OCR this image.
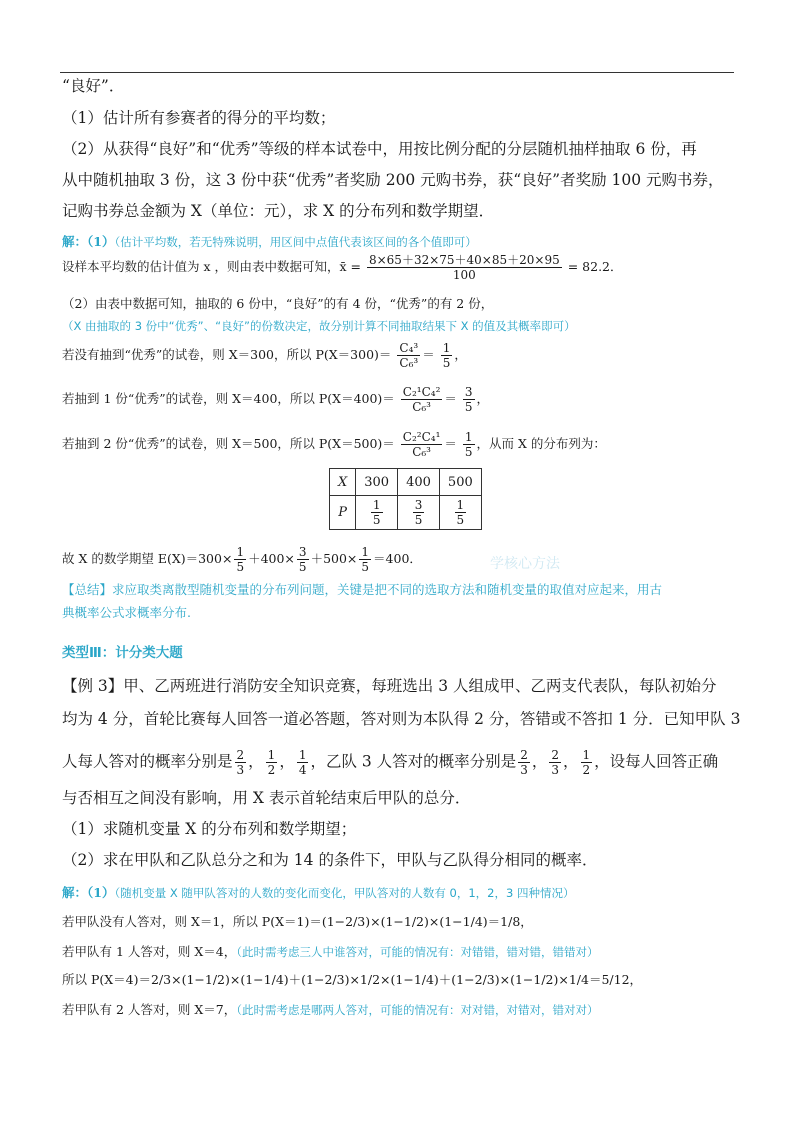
“良好”．
（1）估计所有参赛者的得分的平均数；
（2）从获得“良好”和“优秀”等级的样本试卷中，用按比例分配的分层随机抽样抽取 6 份，再
从中随机抽取 3 份，这 3 份中获“优秀”者奖励 200 元购书券，获“良好”者奖励 100 元购书券，
记购书券总金额为 X（单位：元），求 X 的分布列和数学期望．
解：（1）（估计平均数，若无特殊说明，用区间中点值代表该区间的各个值即可）
设样本平均数的估计值为 x ，则由表中数据可知，x̄ = $\frac{8\times 65+32\times 75+40\times 85+20\times 95}{100} = 82.2$．
（2）由表中数据可知，抽取的 6 份中，“良好”的有 4 份，“优秀”的有 2 份，
（X 由抽取的 3 份中“优秀”、“良好”的份数决定，故分别计算不同抽取结果下 X 的值及其概率即可）
若没有抽到“优秀”的试卷，则 X＝300，所以 $P(X=300)= \frac{\text{C₄³}}{\text{C₆³}} = \frac{1}{5}$ ，
若抽到 1 份“优秀”的试卷，则 X＝400，所以 $P(X=400)= \frac{\text{C₂¹C₄²}}{\text{C₆³}} = \frac{3}{5}$ ，
若抽到 2 份“优秀”的试卷，则 X＝500，所以 $P(X=500)= \frac{\text{C₂²C₄¹}}{\text{C₆³}} = \frac{1}{5}$ ，从而 X 的分布列为：
X	300	400	500
P	$\frac{1}{5}$	$\frac{3}{5}$	$\frac{1}{5}$
故 X 的数学期望 $E(X)=300\times \frac{1}{5} +400\times \frac{3}{5} +500\times \frac{1}{5} =400$．	学核心方法
【总结】求应取类离散型随机变量的分布列问题，关键是把不同的选取方法和随机变量的取值对应起来，用古
典概率公式求概率分布.
类型Ⅲ：计分类大题
【例 3】甲、乙两班进行消防安全知识竞赛，每班选出 3 人组成甲、乙两支代表队，每队初始分
均为 4 分，首轮比赛每人回答一道必答题，答对则为本队得 2 分，答错或不答扣 1 分．已知甲队 3
人每人答对的概率分别是 $\frac{2}{3}$ ， $\frac{1}{2}$ ， $\frac{1}{4}$ ，乙队 3 人答对的概率分别是 $\frac{2}{3}$ ， $\frac{2}{3}$ ， $\frac{1}{2}$ ，设每人回答正确
与否相互之间没有影响，用 X 表示首轮结束后甲队的总分．
（1）求随机变量 X 的分布列和数学期望；
（2）求在甲队和乙队总分之和为 14 的条件下，甲队与乙队得分相同的概率．
解：（1）（随机变量 X 随甲队答对的人数的变化而变化，甲队答对的人数有 0，1，2，3 四种情况）
若甲队没有人答对，则 X＝1，所以 P(X＝1)＝(1−2/3)×(1−1/2)×(1−1/4)＝1/8，
若甲队有 1 人答对，则 X＝4，（此时需考虑三人中谁答对，可能的情况有：对错错，错对错，错错对）
所以 P(X＝4)＝2/3×(1−1/2)×(1−1/4)＋(1−2/3)×1/2×(1−1/4)＋(1−2/3)×(1−1/2)×1/4＝5/12，
若甲队有 2 人答对，则 X＝7，（此时需考虑是哪两人答对，可能的情况有：对对错，对错对，错对对）
